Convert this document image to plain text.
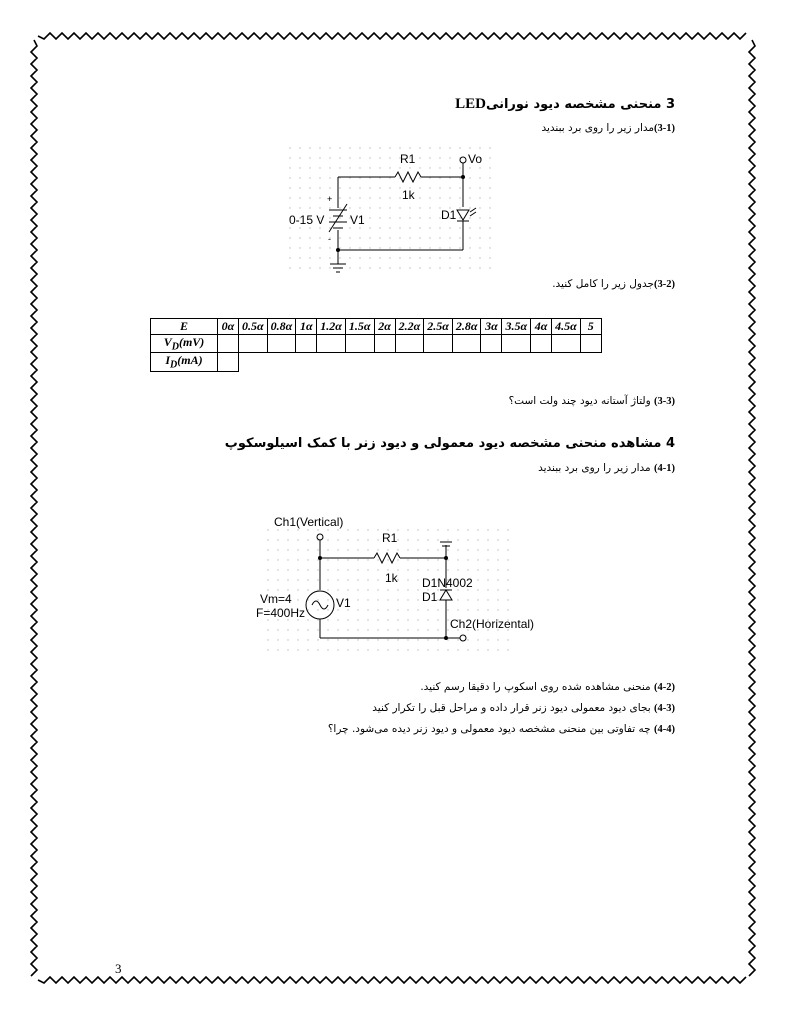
3 منحنی مشخصه دیود نورانیLED
(3-1)مدار زیر را روی برد ببندید
R1
1k
Vo
D1
0-15 V V1
+
-
(3-2)جدول زیر را کامل کنید.
E	0α	0.5α	0.8α	1α	1.2α	1.5α	2α	2.2α	2.5α	2.8α	3α	3.5α	4α	4.5α	5
$V_D(mV)$															
$I_D(mA)$															
(3-3) ولتاژ آستانه دیود چند ولت است؟
4 مشاهده منحنی مشخصه دیود معمولی و دیود زنر با کمک اسیلوسکوپ
(4-1) مدار زیر را روی برد ببندید
Ch1(Vertical)
R1
1k D1N4002
D1
Ch2(Horizental)
Vm=4
F=400Hz
V1
(4-2) منحنی مشاهده شده روی اسکوپ را دقیقا رسم کنید.
(4-3) بجای دیود معمولی دیود زنر قرار داده و مراحل قبل را تکرار کنید
(4-4) چه تفاوتی بین منحنی مشخصه دیود معمولی و دیود زنر دیده می‌شود. چرا؟
3
